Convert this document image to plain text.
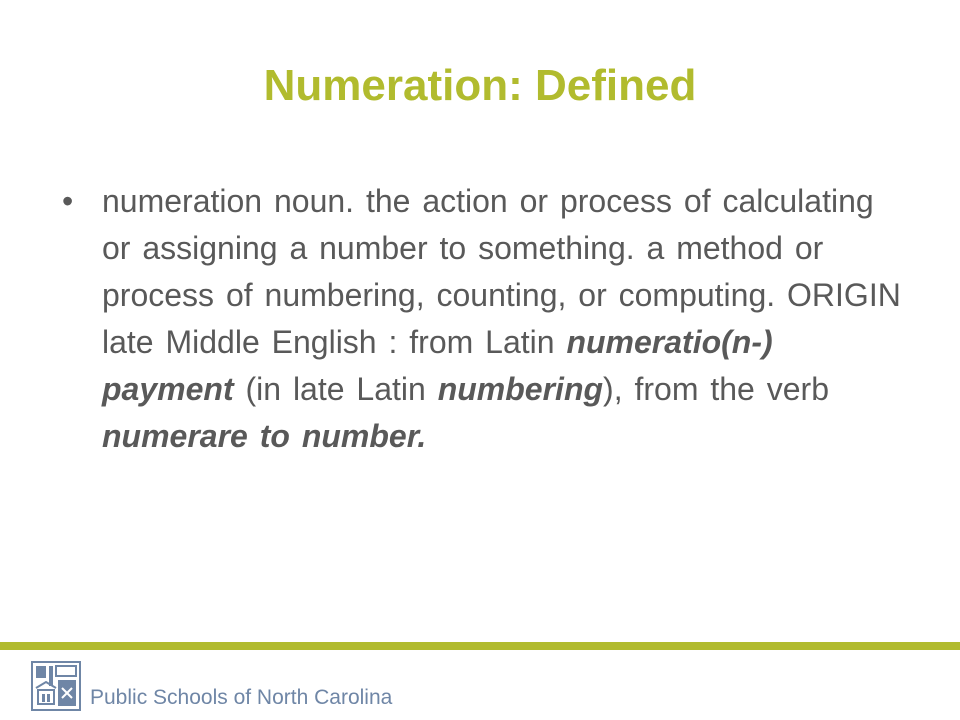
Numeration: Defined
• numeration noun. the action or process of calculating or assigning a number to something. a method or process of numbering, counting, or computing. ORIGIN late Middle English : from Latin numeratio(n-) payment (in late Latin numbering), from the verb numerare to number.
Public Schools of North Carolina
